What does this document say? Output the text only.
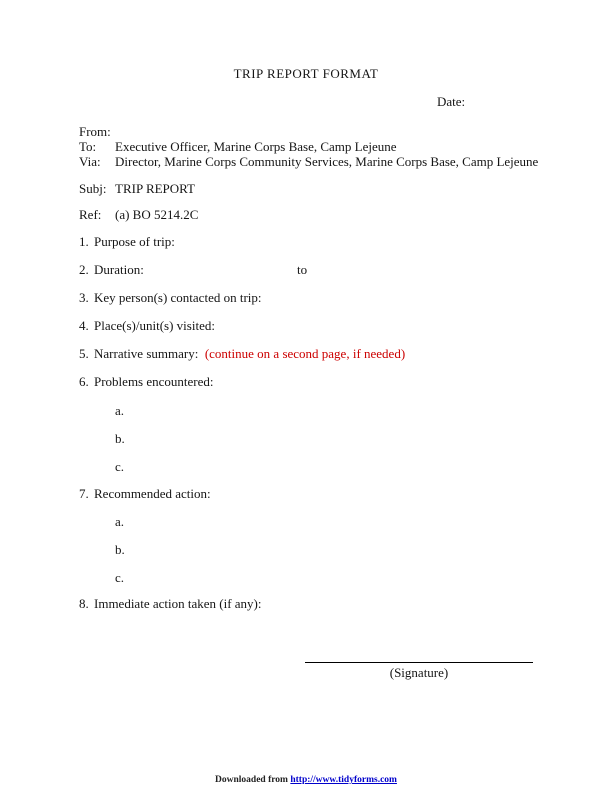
TRIP REPORT FORMAT
Date:
From:
To: Executive Officer, Marine Corps Base, Camp Lejeune
Via: Director, Marine Corps Community Services, Marine Corps Base, Camp Lejeune
Subj: TRIP REPORT
Ref: (a) BO 5214.2C
1. Purpose of trip:
2. Duration:	to
3. Key person(s) contacted on trip:
4. Place(s)/unit(s) visited:
5. Narrative summary: (continue on a second page, if needed)
6. Problems encountered:
a.
b.
c.
7. Recommended action:
a.
b.
c.
8. Immediate action taken (if any):
(Signature)
Downloaded from http://www.tidyforms.com
